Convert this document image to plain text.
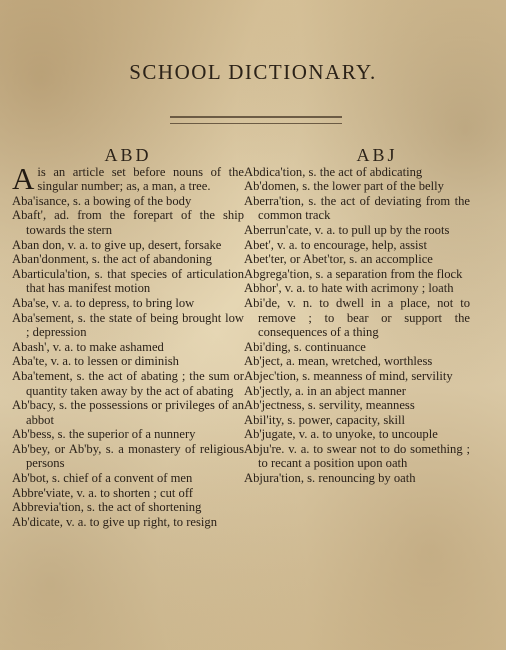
SCHOOL DICTIONARY.
ABD

A is an article set before nouns of the singular number; as, a man, a tree.

Aba'isance, s. a bowing of the body

Abaft', ad. from the forepart of the ship towards the stern

Aban don, v. a. to give up, desert, forsake

Aban'donment, s. the act of abandoning

Abarticula'tion, s. that species of articulation that has manifest motion

Aba'se, v. a. to depress, to bring low

Aba'sement, s. the state of being brought low ; depression

Abash', v. a. to make ashamed

Aba'te, v. a. to lessen or diminish

Aba'tement, s. the act of abating ; the sum or quantity taken away by the act of abating

Ab'bacy, s. the possessions or privileges of an abbot

Ab'bess, s. the superior of a nunnery

Ab'bey, or Ab'by, s. a monastery of religious persons

Ab'bot, s. chief of a convent of men

Abbre'viate, v. a. to shorten ; cut off

Abbrevia'tion, s. the act of shortening

Ab'dicate, v. a. to give up right, to resign

ABJ

Abdica'tion, s. the act of abdicating

Ab'domen, s. the lower part of the belly

Aberra'tion, s. the act of deviating from the common track

Aberrun'cate, v. a. to pull up by the roots

Abet', v. a. to encourage, help, assist

Abet'ter, or Abet'tor, s. an accomplice

Abgrega'tion, s. a separation from the flock

Abhor', v. a. to hate with acrimony ; loath

Abi'de, v. n. to dwell in a place, not to remove ; to bear or support the consequences of a thing

Abi'ding, s. continuance

Ab'ject, a. mean, wretched, worthless

Abjec'tion, s. meanness of mind, servility

Ab'jectly, a. in an abject manner

Ab'jectness, s. servility, meanness

Abil'ity, s. power, capacity, skill

Ab'jugate, v. a. to unyoke, to uncouple

Abju're. v. a. to swear not to do something ; to recant a position upon oath

Abjura'tion, s. renouncing by oath
